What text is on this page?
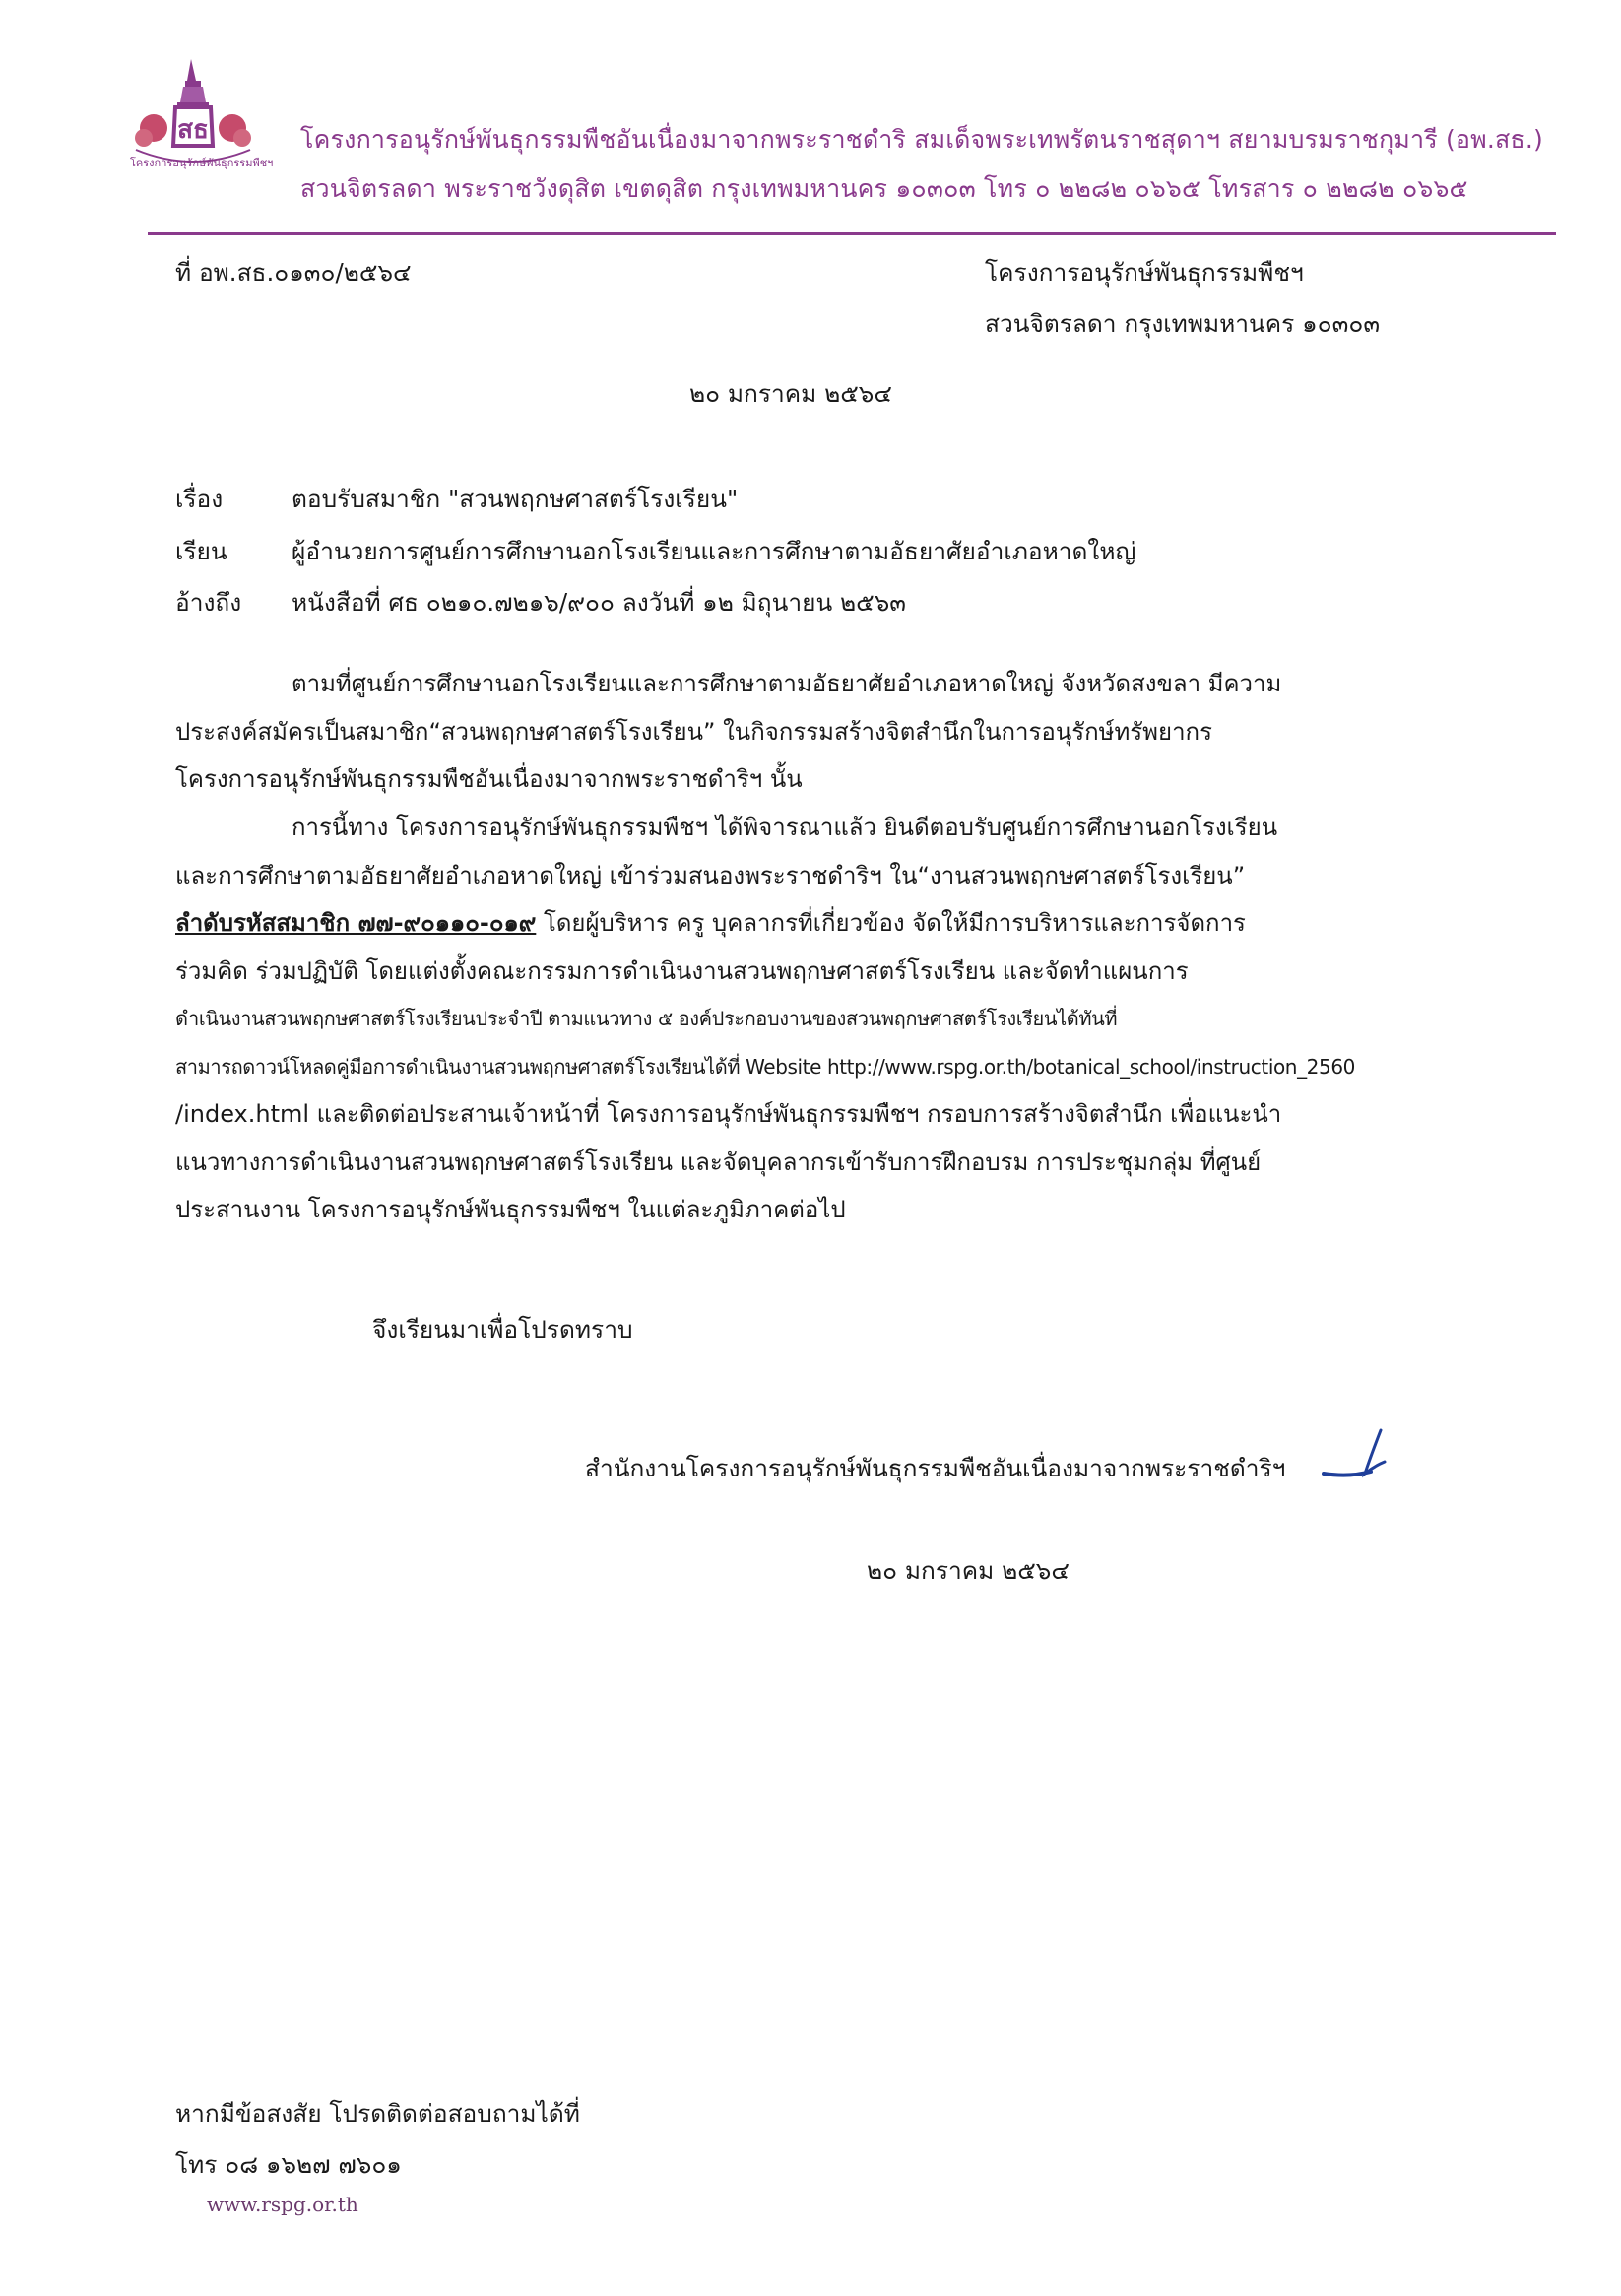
สธ
โครงการอนุรักษ์พันธุกรรมพืชฯ
โครงการอนุรักษ์พันธุกรรมพืชอันเนื่องมาจากพระราชดำริ สมเด็จพระเทพรัตนราชสุดาฯ สยามบรมราชกุมารี (อพ.สธ.)
สวนจิตรลดา พระราชวังดุสิต เขตดุสิต กรุงเทพมหานคร ๑๐๓๐๓ โทร ๐ ๒๒๘๒ ๐๖๖๕ โทรสาร ๐ ๒๒๘๒ ๐๖๖๕
ที่ อพ.สธ.๐๑๓๐/๒๕๖๔	โครงการอนุรักษ์พันธุกรรมพืชฯ
สวนจิตรลดา กรุงเทพมหานคร ๑๐๓๐๓
๒๐ มกราคม ๒๕๖๔
เรื่อง	ตอบรับสมาชิก "สวนพฤกษศาสตร์โรงเรียน"
เรียน	ผู้อำนวยการศูนย์การศึกษานอกโรงเรียนและการศึกษาตามอัธยาศัยอำเภอหาดใหญ่
อ้างถึง หนังสือที่ ศธ ๐๒๑๐.๗๒๑๖/๙๐๐ ลงวันที่ ๑๒ มิถุนายน ๒๕๖๓

ตามที่ศูนย์การศึกษานอกโรงเรียนและการศึกษาตามอัธยาศัยอำเภอหาดใหญ่ จังหวัดสงขลา มีความ

ประสงค์สมัครเป็นสมาชิก“สวนพฤกษศาสตร์โรงเรียน” ในกิจกรรมสร้างจิตสำนึกในการอนุรักษ์ทรัพยากร

โครงการอนุรักษ์พันธุกรรมพืชอันเนื่องมาจากพระราชดำริฯ นั้น

การนี้ทาง โครงการอนุรักษ์พันธุกรรมพืชฯ ได้พิจารณาแล้ว ยินดีตอบรับศูนย์การศึกษานอกโรงเรียน

และการศึกษาตามอัธยาศัยอำเภอหาดใหญ่ เข้าร่วมสนองพระราชดำริฯ ใน“งานสวนพฤกษศาสตร์โรงเรียน”

ลำดับรหัสสมาชิก ๗๗-๙๐๑๑๐-๐๑๙ โดยผู้บริหาร ครู บุคลากรที่เกี่ยวข้อง จัดให้มีการบริหารและการจัดการ

ร่วมคิด ร่วมปฏิบัติ โดยแต่งตั้งคณะกรรมการดำเนินงานสวนพฤกษศาสตร์โรงเรียน และจัดทำแผนการ

ดำเนินงานสวนพฤกษศาสตร์โรงเรียนประจำปี ตามแนวทาง ๕ องค์ประกอบงานของสวนพฤกษศาสตร์โรงเรียนได้ทันที่

สามารถดาวน์โหลดคู่มือการดำเนินงานสวนพฤกษศาสตร์โรงเรียนได้ที่ Website http://www.rspg.or.th/botanical_school/instruction_2560

/index.html และติดต่อประสานเจ้าหน้าที่ โครงการอนุรักษ์พันธุกรรมพืชฯ กรอบการสร้างจิตสำนึก เพื่อแนะนำ

แนวทางการดำเนินงานสวนพฤกษศาสตร์โรงเรียน และจัดบุคลากรเข้ารับการฝึกอบรม การประชุมกลุ่ม ที่ศูนย์

ประสานงาน โครงการอนุรักษ์พันธุกรรมพืชฯ ในแต่ละภูมิภาคต่อไป

จึงเรียนมาเพื่อโปรดทราบ
สำนักงานโครงการอนุรักษ์พันธุกรรมพืชอันเนื่องมาจากพระราชดำริฯ
๒๐ มกราคม ๒๕๖๔
หากมีข้อสงสัย โปรดติดต่อสอบถามได้ที่
โทร ๐๘ ๑๖๒๗ ๗๖๐๑
www.rspg.or.th
